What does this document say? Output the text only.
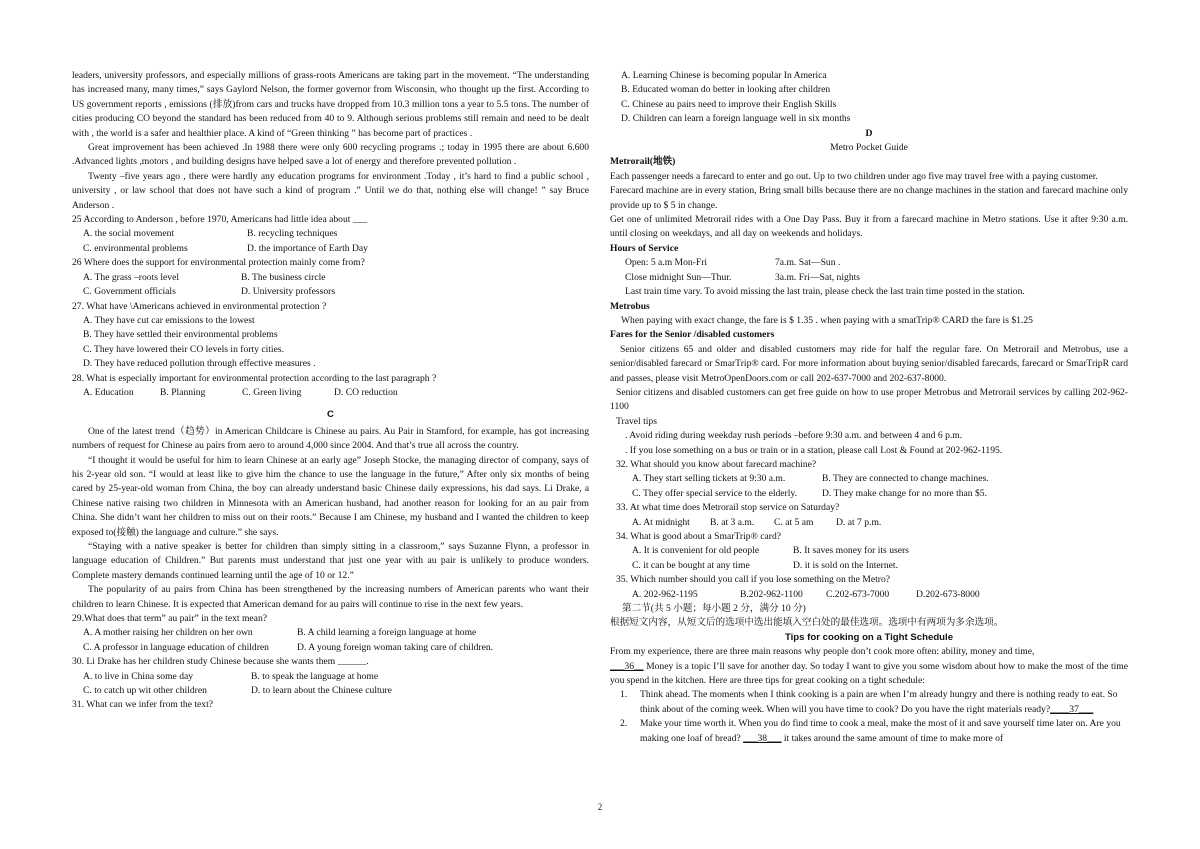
leaders, university professors, and especially millions of grass-roots Americans are taking part in the movement. “The understanding has increased many, many times,” says Gaylord Nelson, the former governor from Wisconsin, who thought up the first. According to US government reports , emissions (排放)from cars and trucks have dropped from 10.3 million tons a year to 5.5 tons. The number of cities producing CO beyond the standard has been reduced from 40 to 9. Although serious problems still remain and need to be dealt with , the world is a safer and healthier place. A kind of “Green thinking ” has become part of practices .

Great improvement has been achieved .In 1988 there were only 600 recycling programs .; today in 1995 there are about 6.600 .Advanced lights ,motors , and building designs have helped save a lot of energy and therefore prevented pollution .

Twenty –five years ago , there were hardly any education programs for environment .Today , it’s hard to find a public school , university , or law school that does not have such a kind of program .” Until we do that, nothing else will change! ” say Bruce Anderson .

25 According to Anderson , before 1970, Americans had little idea about ___

A. the social movement	B. recycling techniques
C. environmental problems	D. the importance of Earth Day

26 Where does the support for environmental protection mainly come from?

A. The grass –roots level	B. The business circle
C. Government officials	D. University professors

27. What have \Americans achieved in environmental protection ?

A. They have cut car emissions to the lowest

B. They have settled their environmental problems

C. They have lowered their CO levels in forty cities.

D. They have reduced pollution through effective measures .

28. What is especially important for environmental protection according to the last paragraph ?

A. Education	B. Planning	C. Green living	D. CO reduction

C

One of the latest trend（趋势）in American Childcare is Chinese au pairs. Au Pair in Stamford, for example, has got increasing numbers of request for Chinese au pairs from aero to around 4,000 since 2004. And that’s true all across the country.

“I thought it would be useful for him to learn Chinese at an early age” Joseph Stocke, the managing director of company, says of his 2-year old son. “I would at least like to give him the chance to use the language in the future,” After only six months of being cared by 25-year-old woman from China, the boy can already understand basic Chinese daily expressions, his dad says. Li Drake, a Chinese native raising two children in Minnesota with an American husband, had another reason for looking for an au pair from China. She didn’t want her children to miss out on their roots.” Because I am Chinese, my husband and I wanted the children to keep exposed to(接触) the language and culture.” she says.

“Staying with a native speaker is better for children than simply sitting in a classroom,” says Suzanne Flynn, a professor in language education of Children.” But parents must understand that just one year with au pair is unlikely to produce wonders. Complete mastery demands continued learning until the age of 10 or 12.”

The popularity of au pairs from China has been strengthened by the increasing numbers of American parents who want their children to learn Chinese. It is expected that American demand for au pairs will continue to rise in the next few years.

29.What does that term” au pair” in the text mean?

A. A mother raising her children on her own	B. A child learning a foreign language at home
C. A professor in language education of children	D. A young foreign woman taking care of children.

30. Li Drake has her children study Chinese because she wants them ______.

A. to live in China some day	B. to speak the language at home
C. to catch up wit other children	D. to learn about the Chinese culture

31. What can we infer from the text?

A. Learning Chinese is becoming popular In America

B. Educated woman do better in looking after children

C. Chinese au pairs need to improve their English Skills

D. Children can learn a foreign language well in six months

D

Metro Pocket Guide

Metrorail(地铁)

Each passenger needs a farecard to enter and go out. Up to two children under ago five may travel free with a paying customer.

Farecard machine are in every station, Bring small bills because there are no change machines in the station and farecard machine only provide up to $ 5 in change.

Get one of unlimited Metrorail rides with a One Day Pass. Buy it from a farecard machine in Metro stations. Use it after 9:30 a.m. until closing on weekdays, and all day on weekends and holidays.

Hours of Service

Open: 5 a.m Mon-Fri	7a.m. Sat—Sun .
Close midnight Sun—Thur.	3a.m. Fri—Sat, nights

Last train time vary. To avoid missing the last train, please check the last train time posted in the station.

Metrobus

When paying with exact change, the fare is $ 1.35 . when paying with a smatTrip® CARD the fare is $1.25

Fares for the Senior /disabled customers

Senior citizens 65 and older and disabled customers may ride for half the regular fare. On Metrorail and Metrobus, use a senior/disabled farecard or SmarTrip® card. For more information about buying senior/disabled farecards, farecard or SmarTripR card and passes, please visit MetroOpenDoors.com or call 202-637-7000 and 202-637-8000.

Senior citizens and disabled customers can get free guide on how to use proper Metrobus and Metrorail services by calling 202-962-1100

Travel tips

. Avoid riding during weekday rush periods –before 9:30 a.m. and between 4 and 6 p.m.

. If you lose something on a bus or train or in a station, please call Lost & Found at 202-962-1195.

32. What should you know about farecard machine?

A. They start selling tickets at 9:30 a.m.	B. They are connected to change machines.
C. They offer special service to the elderly.	D. They make change for no more than $5.

33. At what time does Metrorail stop service on Saturday?

A. At midnight	B. at 3 a.m.	C. at 5 am	D. at 7 p.m.

34. What is good about a SmarTrip® card?

A. It is convenient for old people	B. It saves money for its users
C. it can be bought at any time	D. it is sold on the Internet.

35. Which number should you call if you lose something on the Metro?

A. 202-962-1195	B.202-962-1100	C.202-673-7000	D.202-673-8000

第二节(共 5 小题；每小题 2 分，满分 10 分)

根据短文内容，从短文后的选项中选出能填入空白处的最佳选项。选项中有两项为多余选项。

Tips for cooking on a Tight Schedule

From my experience, there are three main reasons why people don’t cook more often: ability, money and time,

___36__ Money is a topic I’ll save for another day. So today I want to give you some wisdom about how to make the most of the time you spend in the kitchen. Here are three tips for great cooking on a tight schedule:

1.	Think ahead. The moments when I think cooking is a pain are when I’m already hungry and there is nothing ready to eat. So think about of the coming week. When will you have time to cook? Do you have the right materials ready?____37___
2.	Make your time worth it. When you do find time to cook a meal, make the most of it and save yourself time later on. Are you making one loaf of bread? ___38___ it takes around the same amount of time to make more of
2
